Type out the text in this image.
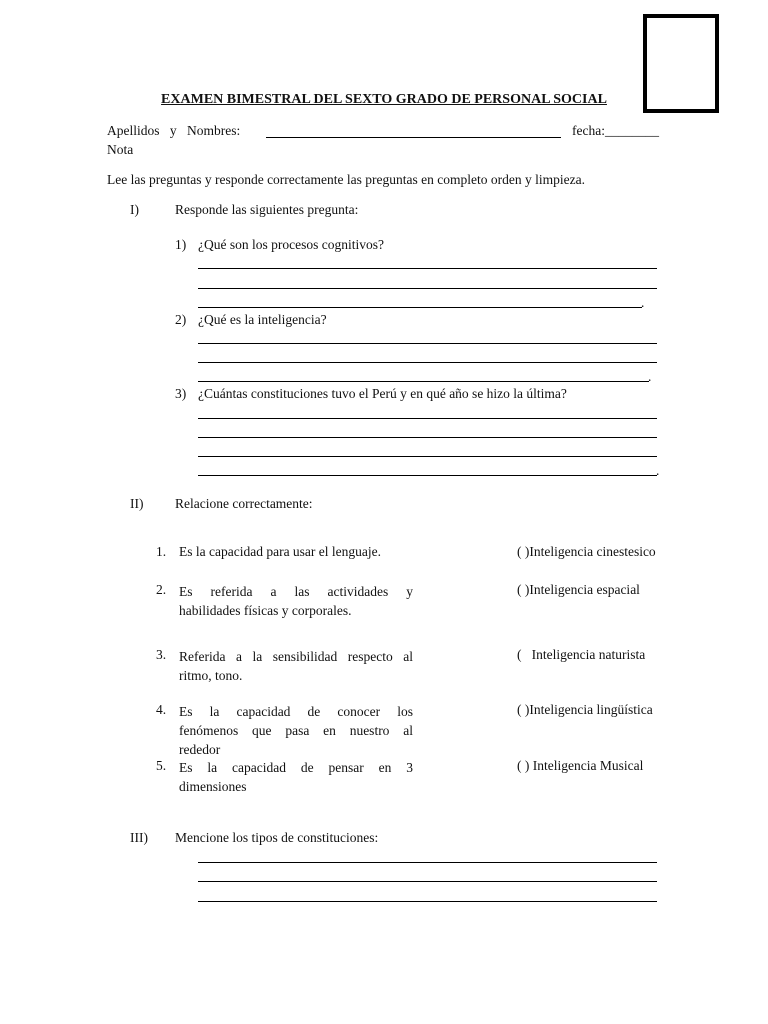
EXAMEN BIMESTRAL DEL SEXTO GRADO DE PERSONAL SOCIAL
Apellidos y Nombres:	fecha:________
Nota
Lee las preguntas y responde correctamente las preguntas en completo orden y limpieza.
I)	Responde las siguientes pregunta:
1) ¿Qué son los procesos cognitivos?
.
2) ¿Qué es la inteligencia?
.
3) ¿Cuántas constituciones tuvo el Perú y en qué año se hizo la última?
.
II) Relacione correctamente:
1. Es la capacidad para usar el lenguaje.	( )Inteligencia cinestesico
2. Es referida a las actividades y
habilidades físicas y corporales.
( )Inteligencia espacial
3. Referida a la sensibilidad respecto al
ritmo, tono.
(   Inteligencia naturista
4. Es la capacidad de conocer los
fenómenos que pasa en nuestro al
rededor
( )Inteligencia lingüística
5. Es la capacidad de pensar en 3
dimensiones
( ) Inteligencia Musical
III) Mencione los tipos de constituciones:
